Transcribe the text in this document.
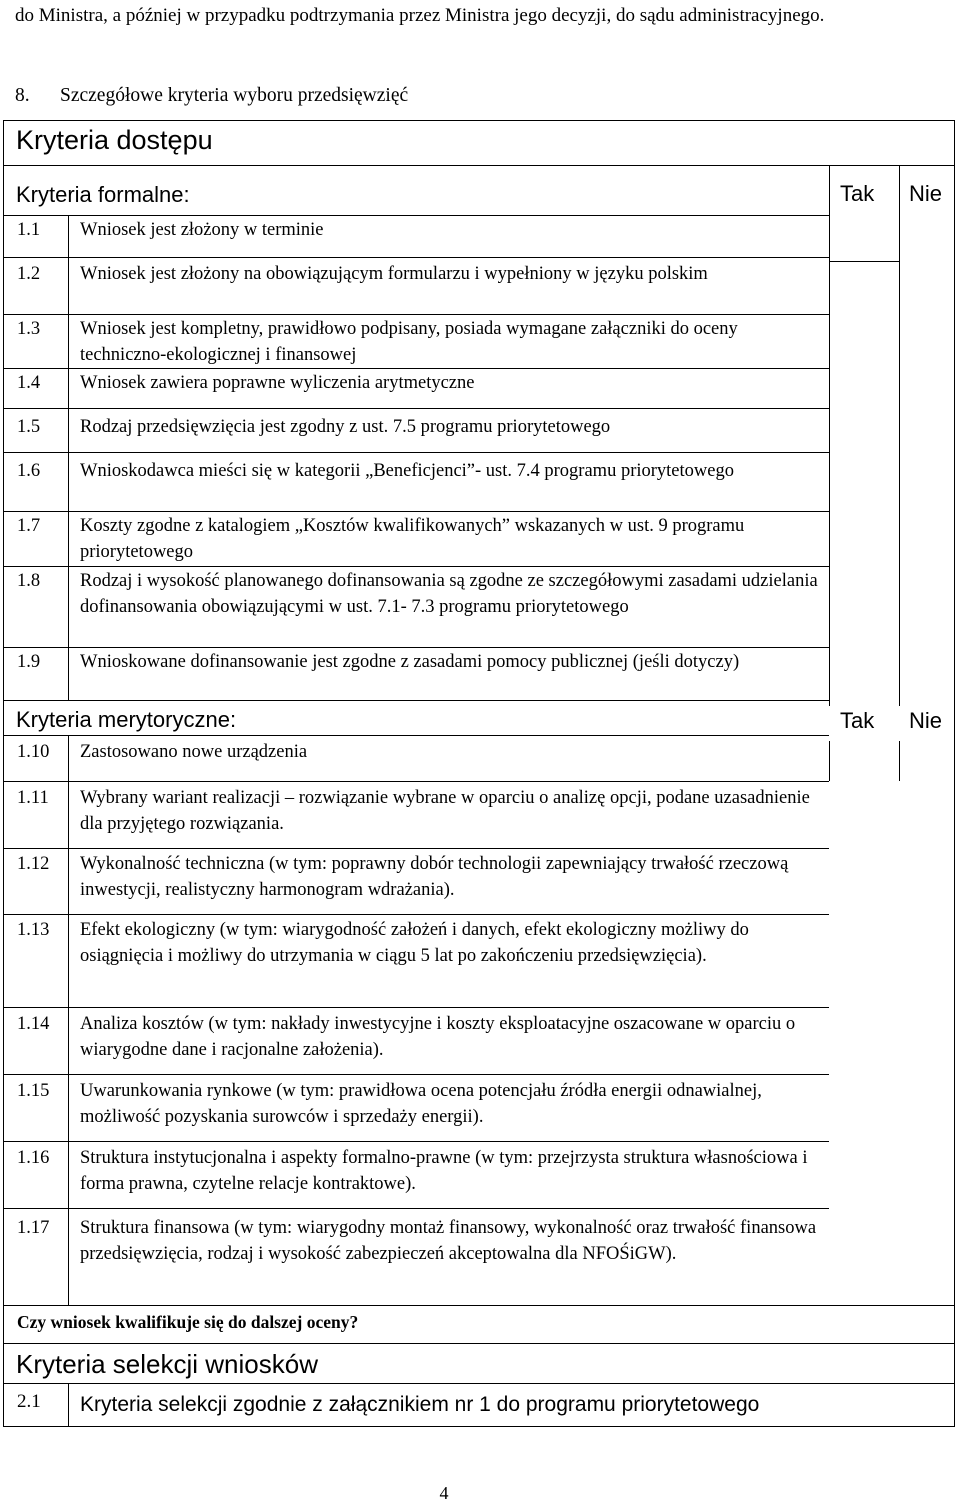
do Ministra, a później w przypadku podtrzymania przez Ministra jego decyzji, do sądu administracyjnego.
8. Szczegółowe kryteria wyboru przedsięwzięć
Kryteria dostępu
Kryteria formalne:	Tak Nie
1.1 Wniosek jest złożony w terminie
1.2 Wniosek jest złożony na obowiązującym formularzu i wypełniony w języku polskim
1.3 Wniosek jest kompletny, prawidłowo podpisany, posiada wymagane załączniki do oceny techniczno-ekologicznej i finansowej
1.4 Wniosek zawiera poprawne wyliczenia arytmetyczne
1.5 Rodzaj przedsięwzięcia jest zgodny z ust. 7.5 programu priorytetowego
1.6 Wnioskodawca mieści się w kategorii „Beneficjenci”- ust. 7.4 programu priorytetowego
1.7 Koszty zgodne z katalogiem „Kosztów kwalifikowanych” wskazanych w ust. 9 programu priorytetowego
1.8 Rodzaj i wysokość planowanego dofinansowania są zgodne ze szczegółowymi zasadami udzielania dofinansowania obowiązującymi w ust. 7.1- 7.3 programu priorytetowego
1.9 Wnioskowane dofinansowanie jest zgodne z zasadami pomocy publicznej (jeśli dotyczy)
Kryteria merytoryczne:	Tak Nie
1.10 Zastosowano nowe urządzenia
1.11 Wybrany wariant realizacji – rozwiązanie wybrane w oparciu o analizę opcji, podane uzasadnienie dla przyjętego rozwiązania.
1.12 Wykonalność techniczna (w tym: poprawny dobór technologii zapewniający trwałość rzeczową inwestycji, realistyczny harmonogram wdrażania).
1.13 Efekt ekologiczny (w tym: wiarygodność założeń i danych, efekt ekologiczny możliwy do osiągnięcia i możliwy do utrzymania w ciągu 5 lat po zakończeniu przedsięwzięcia).
1.14 Analiza kosztów (w tym: nakłady inwestycyjne i koszty eksploatacyjne oszacowane w oparciu o wiarygodne dane i racjonalne założenia).
1.15 Uwarunkowania rynkowe (w tym: prawidłowa ocena potencjału źródła energii odnawialnej, możliwość pozyskania surowców i sprzedaży energii).
1.16 Struktura instytucjonalna i aspekty formalno-prawne (w tym: przejrzysta struktura własnościowa i forma prawna, czytelne relacje kontraktowe).
1.17 Struktura finansowa (w tym: wiarygodny montaż finansowy, wykonalność oraz trwałość finansowa przedsięwzięcia, rodzaj i wysokość zabezpieczeń akceptowalna dla NFOŚiGW).
Czy wniosek kwalifikuje się do dalszej oceny?
Kryteria selekcji wniosków
2.1 Kryteria selekcji zgodnie z załącznikiem nr 1 do programu priorytetowego
4
